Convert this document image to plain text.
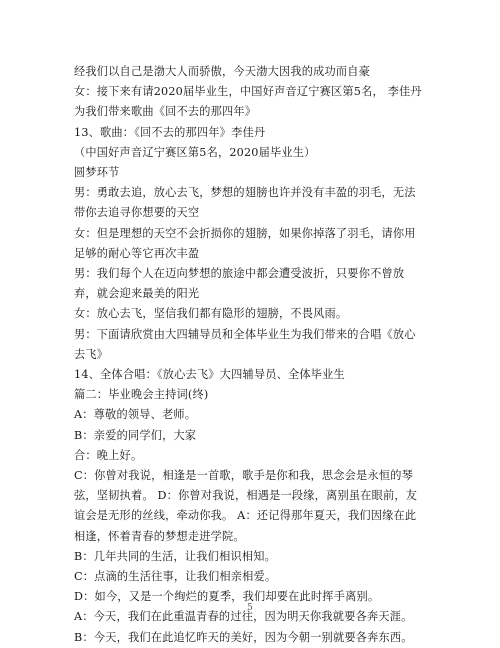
经我们以自己是渤大人而骄傲，今天渤大因我的成功而自豪

女：接下来有请2020届毕业生，中国好声音辽宁赛区第5名， 李佳丹为我们带来歌曲《回不去的那四年》

13、歌曲：《回不去的那四年》李佳丹

（中国好声音辽宁赛区第5名，2020届毕业生）

圆梦环节

男：勇敢去追，放心去飞，梦想的翅膀也许并没有丰盈的羽毛，无法带你去追寻你想要的天空

女：但是理想的天空不会折损你的翅膀，如果你掉落了羽毛，请你用足够的耐心等它再次丰盈

男：我们每个人在迈向梦想的旅途中都会遭受波折，只要你不曾放弃，就会迎来最美的阳光

女：放心去飞，坚信我们都有隐形的翅膀，不畏风雨。

男：下面请欣赏由大四辅导员和全体毕业生为我们带来的合唱《放心去飞》

14、全体合唱：《放心去飞》大四辅导员、全体毕业生

篇二：毕业晚会主持词(终)

A：尊敬的领导、老师。

B：亲爱的同学们，大家

合：晚上好。

C：你曾对我说，相逢是一首歌，歌手是你和我，思念会是永恒的琴弦，坚韧执着。 D：你曾对我说，相遇是一段缘，离别虽在眼前，友谊会是无形的丝线，牵动你我。 A：还记得那年夏天，我们因缘在此相逢，怀着青春的梦想走进学院。

B：几年共同的生活，让我们相识相知。

C：点滴的生活往事，让我们相亲相爱。

D：如今，又是一个绚烂的夏季，我们却要在此时挥手离别。

A：今天，我们在此重温青春的过往，因为明天你我就要各奔天涯。

B：今天，我们在此追忆昨天的美好，因为今朝一别就要各奔东西。

5
